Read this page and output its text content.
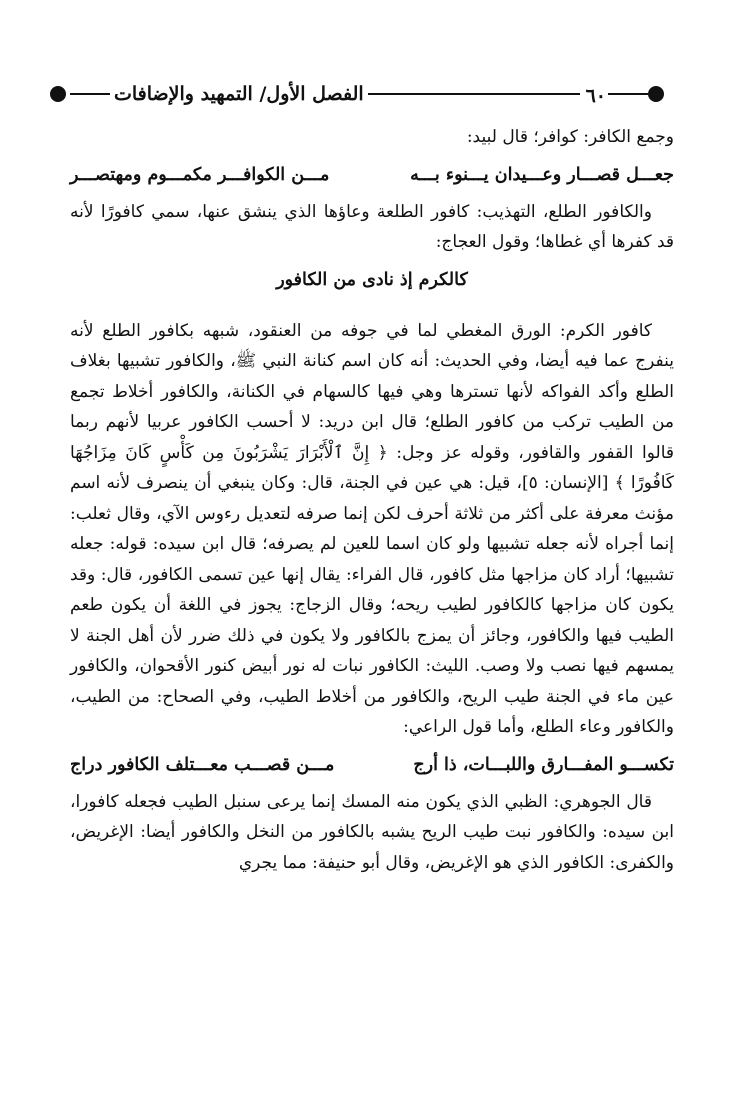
٦٠
الفصل الأول/ التمهيد والإضافات

وجمع الكافر: كوافر؛ قال لبيد:

جعـــل قصـــار وعـــيدان يـــنوء بـــه
مـــن الكوافـــر مكمـــوم ومهتصـــر

والكافور الطلع، التهذيب: كافور الطلعة وعاؤها الذي ينشق عنها، سمي كافورًا لأنه قد كفرها أي غطاها؛ وقول العجاج:

كالكرم إذ نادى من الكافور

كافور الكرم: الورق المغطي لما في جوفه من العنقود، شبهه بكافور الطلع لأنه ينفرج عما فيه أيضا، وفي الحديث: أنه كان اسم كنانة النبي ﷺ، والكافور تشبيها بغلاف الطلع وأكد الفواكه لأنها تسترها وهي فيها كالسهام في الكنانة، والكافور أخلاط تجمع من الطيب تركب من كافور الطلع؛ قال ابن دريد: لا أحسب الكافور عربيا لأنهم ربما قالوا القفور والقافور، وقوله عز وجل: ﴿ إِنَّ ٱلْأَبْرَارَ يَشْرَبُونَ مِن كَأْسٍ كَانَ مِزَاجُهَا كَافُورًا ﴾ [الإنسان: ٥]، قيل: هي عين في الجنة، قال: وكان ينبغي أن ينصرف لأنه اسم مؤنث معرفة على أكثر من ثلاثة أحرف لكن إنما صرفه لتعديل رءوس الآي، وقال ثعلب: إنما أجراه لأنه جعله تشبيها ولو كان اسما للعين لم يصرفه؛ قال ابن سيده: قوله: جعله تشبيها؛ أراد كان مزاجها مثل كافور، قال الفراء: يقال إنها عين تسمى الكافور، قال: وقد يكون كان مزاجها كالكافور لطيب ريحه؛ وقال الزجاج: يجوز في اللغة أن يكون طعم الطيب فيها والكافور، وجائز أن يمزج بالكافور ولا يكون في ذلك ضرر لأن أهل الجنة لا يمسهم فيها نصب ولا وصب. الليث: الكافور نبات له نور أبيض كنور الأقحوان، والكافور عين ماء في الجنة طيب الريح، والكافور من أخلاط الطيب، وفي الصحاح: من الطيب، والكافور وعاء الطلع، وأما قول الراعي:

تكســـو المفـــارق واللبـــات، ذا أرج
مـــن قصـــب معـــتلف الكافور دراج

قال الجوهري: الظبي الذي يكون منه المسك إنما يرعى سنبل الطيب فجعله كافورا، ابن سيده: والكافور نبت طيب الريح يشبه بالكافور من النخل والكافور أيضا: الإغريض، والكفرى: الكافور الذي هو الإغريض، وقال أبو حنيفة: مما يجري
